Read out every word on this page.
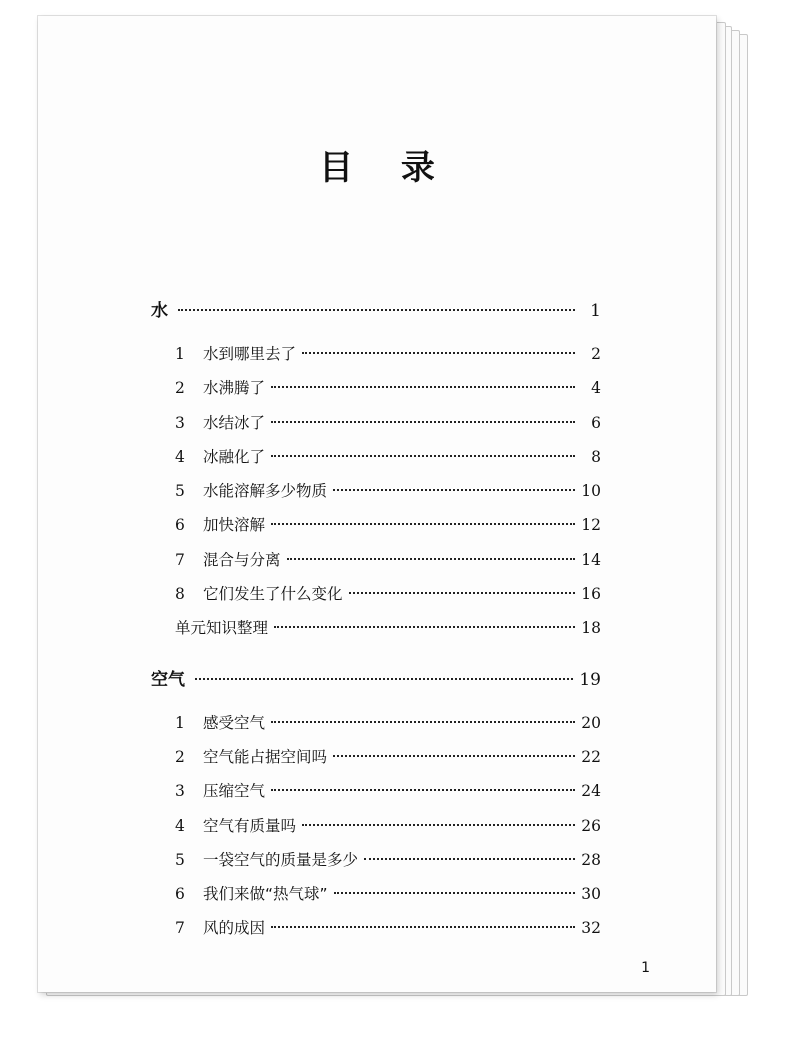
目 录
水	1
1	水到哪里去了	2
2	水沸腾了	4
3	水结冰了	6
4	冰融化了	8
5	水能溶解多少物质	10
6	加快溶解	12
7	混合与分离	14
8	它们发生了什么变化	16
单元知识整理	18
空气	19
1	感受空气	20
2	空气能占据空间吗	22
3	压缩空气	24
4	空气有质量吗	26
5	一袋空气的质量是多少	28
6	我们来做“热气球”	30
7	风的成因	32
1
